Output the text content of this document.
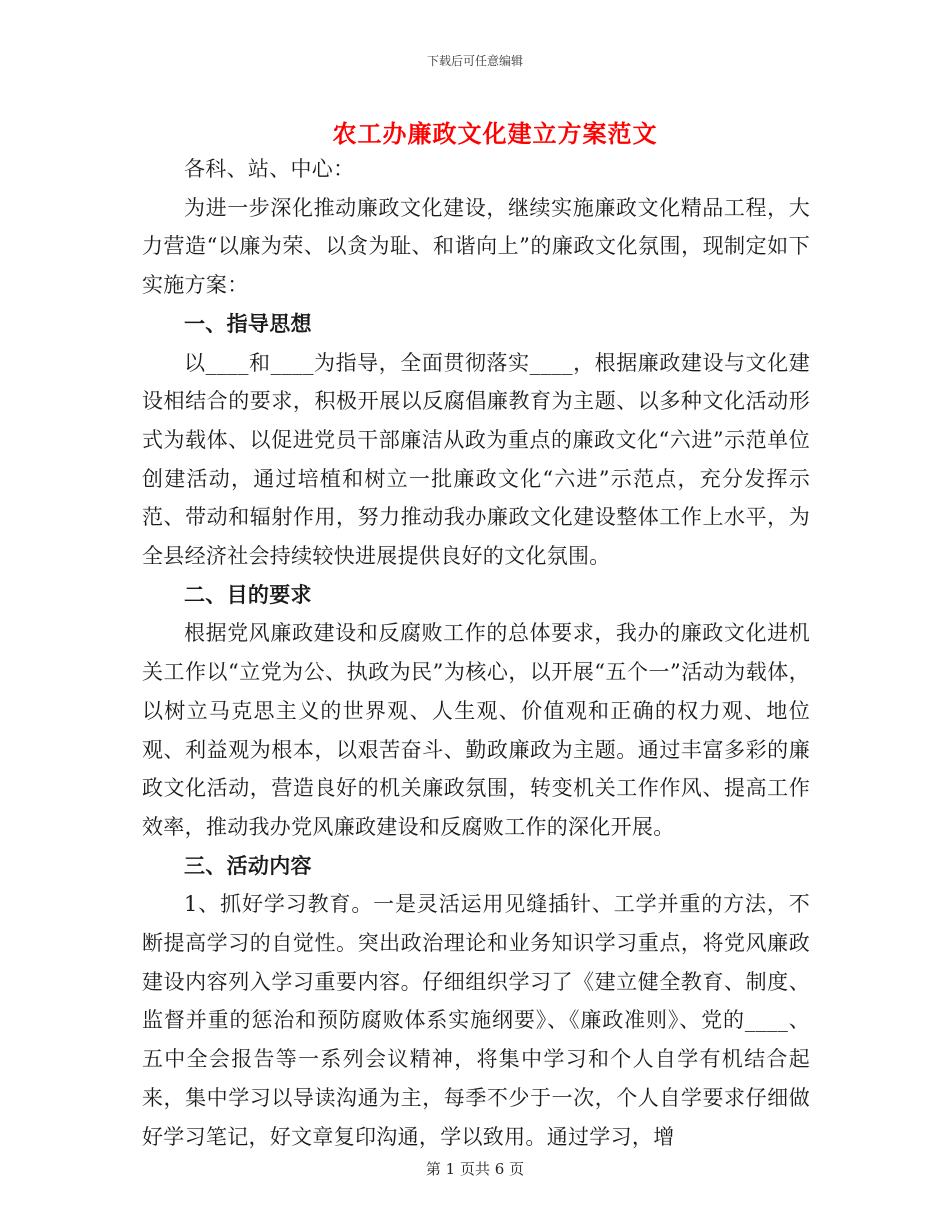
下载后可任意编辑
农工办廉政文化建立方案范文

各科、站、中心：

为进一步深化推动廉政文化建设，继续实施廉政文化精品工程，大力营造“以廉为荣、以贪为耻、和谐向上”的廉政文化氛围，现制定如下实施方案：

一、指导思想

以____和____为指导，全面贯彻落实____，根据廉政建设与文化建设相结合的要求，积极开展以反腐倡廉教育为主题、以多种文化活动形式为载体、以促进党员干部廉洁从政为重点的廉政文化“六进”示范单位创建活动，通过培植和树立一批廉政文化“六进”示范点，充分发挥示范、带动和辐射作用，努力推动我办廉政文化建设整体工作上水平，为全县经济社会持续较快进展提供良好的文化氛围。

二、目的要求

根据党风廉政建设和反腐败工作的总体要求，我办的廉政文化进机关工作以“立党为公、执政为民”为核心，以开展“五个一”活动为载体，以树立马克思主义的世界观、人生观、价值观和正确的权力观、地位观、利益观为根本，以艰苦奋斗、勤政廉政为主题。通过丰富多彩的廉政文化活动，营造良好的机关廉政氛围，转变机关工作作风、提高工作效率，推动我办党风廉政建设和反腐败工作的深化开展。

三、活动内容

1、抓好学习教育。一是灵活运用见缝插针、工学并重的方法，不断提高学习的自觉性。突出政治理论和业务知识学习重点，将党风廉政建设内容列入学习重要内容。仔细组织学习了《建立健全教育、制度、监督并重的惩治和预防腐败体系实施纲要》、《廉政准则》、党的____、五中全会报告等一系列会议精神，将集中学习和个人自学有机结合起来，集中学习以导读沟通为主，每季不少于一次，个人自学要求仔细做好学习笔记，好文章复印沟通，学以致用。通过学习，增

第 1 页共 6 页
